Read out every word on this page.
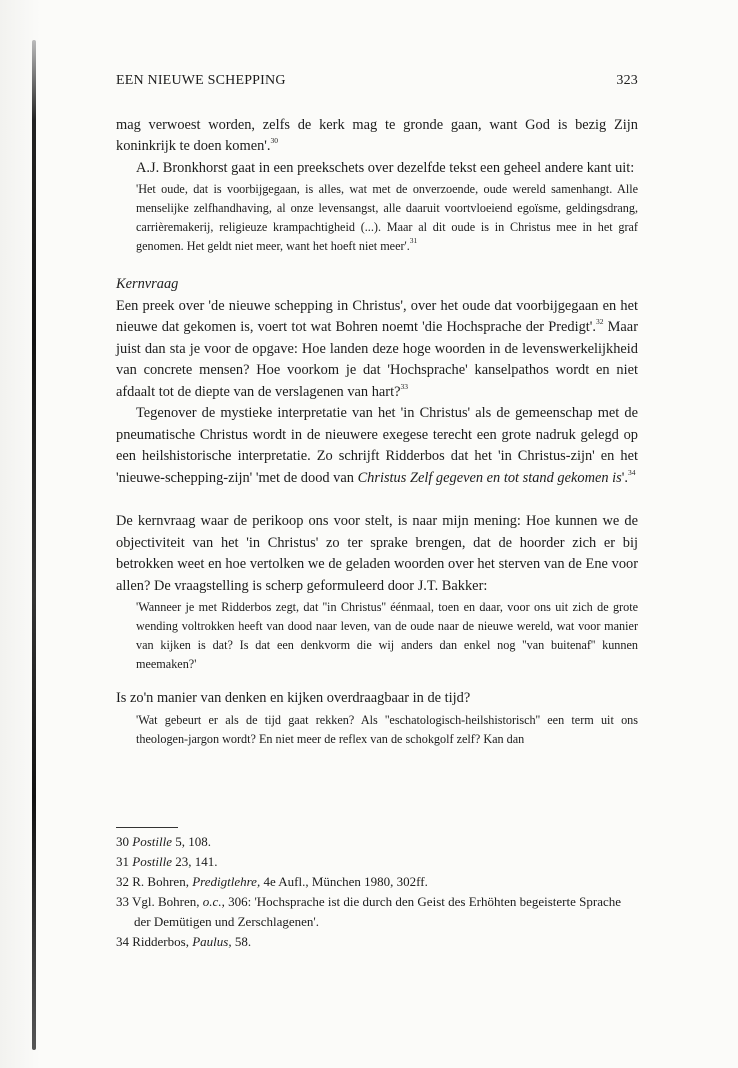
EEN NIEUWE SCHEPPING	323

mag verwoest worden, zelfs de kerk mag te gronde gaan, want God is bezig Zijn koninkrijk te doen komen'.$^{30}$

A.J. Bronkhorst gaat in een preekschets over dezelfde tekst een geheel andere kant uit:

'Het oude, dat is voorbijgegaan, is alles, wat met de onverzoende, oude wereld samenhangt. Alle menselijke zelfhandhaving, al onze levensangst, alle daaruit voortvloeiend egoïsme, geldingsdrang, carrièremakerij, religieuze krampachtigheid (...). Maar al dit oude is in Christus mee in het graf genomen. Het geldt niet meer, want het hoeft niet meer'.$^{31}$
Kernvraag

Een preek over 'de nieuwe schepping in Christus', over het oude dat voorbijgegaan en het nieuwe dat gekomen is, voert tot wat Bohren noemt 'die Hochsprache der Predigt'.$^{32}$ Maar juist dan sta je voor de opgave: Hoe landen deze hoge woorden in de levenswerkelijkheid van concrete mensen? Hoe voorkom je dat 'Hochsprache' kanselpathos wordt en niet afdaalt tot de diepte van de verslagenen van hart?$^{33}$

Tegenover de mystieke interpretatie van het 'in Christus' als de gemeenschap met de pneumatische Christus wordt in de nieuwere exegese terecht een grote nadruk gelegd op een heilshistorische interpretatie. Zo schrijft Ridderbos dat het 'in Christus-zijn' en het 'nieuwe-schepping-zijn' 'met de dood van Christus Zelf gegeven en tot stand gekomen is'.$^{34}$

De kernvraag waar de perikoop ons voor stelt, is naar mijn mening: Hoe kunnen we de objectiviteit van het 'in Christus' zo ter sprake brengen, dat de hoorder zich er bij betrokken weet en hoe vertolken we de geladen woorden over het sterven van de Ene voor allen? De vraagstelling is scherp geformuleerd door J.T. Bakker:

'Wanneer je met Ridderbos zegt, dat ''in Christus'' éénmaal, toen en daar, voor ons uit zich de grote wending voltrokken heeft van dood naar leven, van de oude naar de nieuwe wereld, wat voor manier van kijken is dat? Is dat een denkvorm die wij anders dan enkel nog ''van buitenaf'' kunnen meemaken?'

Is zo'n manier van denken en kijken overdraagbaar in de tijd?

'Wat gebeurt er als de tijd gaat rekken? Als ''eschatologisch-heilshistorisch'' een term uit ons theologen-jargon wordt? En niet meer de reflex van de schokgolf zelf? Kan dan
30 Postille 5, 108.
31 Postille 23, 141.
32 R. Bohren, Predigtlehre, 4e Aufl., München 1980, 302ff.
33 Vgl. Bohren, o.c., 306: 'Hochsprache ist die durch den Geist des Erhöhten begeisterte Sprache der Demütigen und Zerschlagenen'.
34 Ridderbos, Paulus, 58.
